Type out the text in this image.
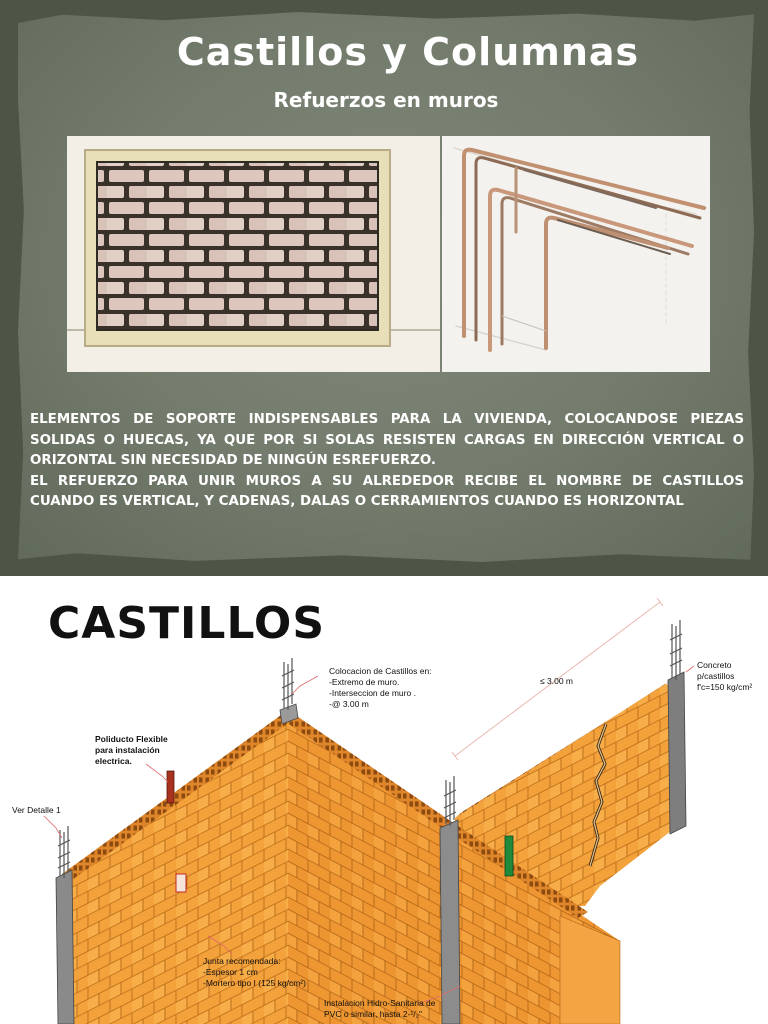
Castillos y Columnas
Refuerzos en muros

ELEMENTOS DE SOPORTE INDISPENSABLES PARA LA VIVIENDA, COLOCANDOSE PIEZAS SOLIDAS O HUECAS, YA QUE POR SI SOLAS RESISTEN CARGAS EN DIRECCIÓN VERTICAL O ORIZONTAL SIN NECESIDAD DE NINGÚN ESREFUERZO.

EL REFUERZO PARA UNIR MUROS A SU ALREDEDOR RECIBE EL NOMBRE DE CASTILLOS CUANDO ES VERTICAL, Y CADENAS, DALAS O CERRAMIENTOS CUANDO ES HORIZONTAL

CASTILLOS
Colocacion de Castillos en:
-Extremo de muro.
-Interseccion de muro .
-@ 3.00 m
≤ 3.00 m
Concreto p/castillos
f'c=150 kg/cm²
Poliducto Flexible
para instalación
electrica.
Ver Detalle 1
Junta recomendada:
-Espesor 1 cm
-Mortero tipo I (125 kg/cm²)
Instalacion Hidro-Sanitaria de
PVC o similar, hasta 2-¹/₂"
